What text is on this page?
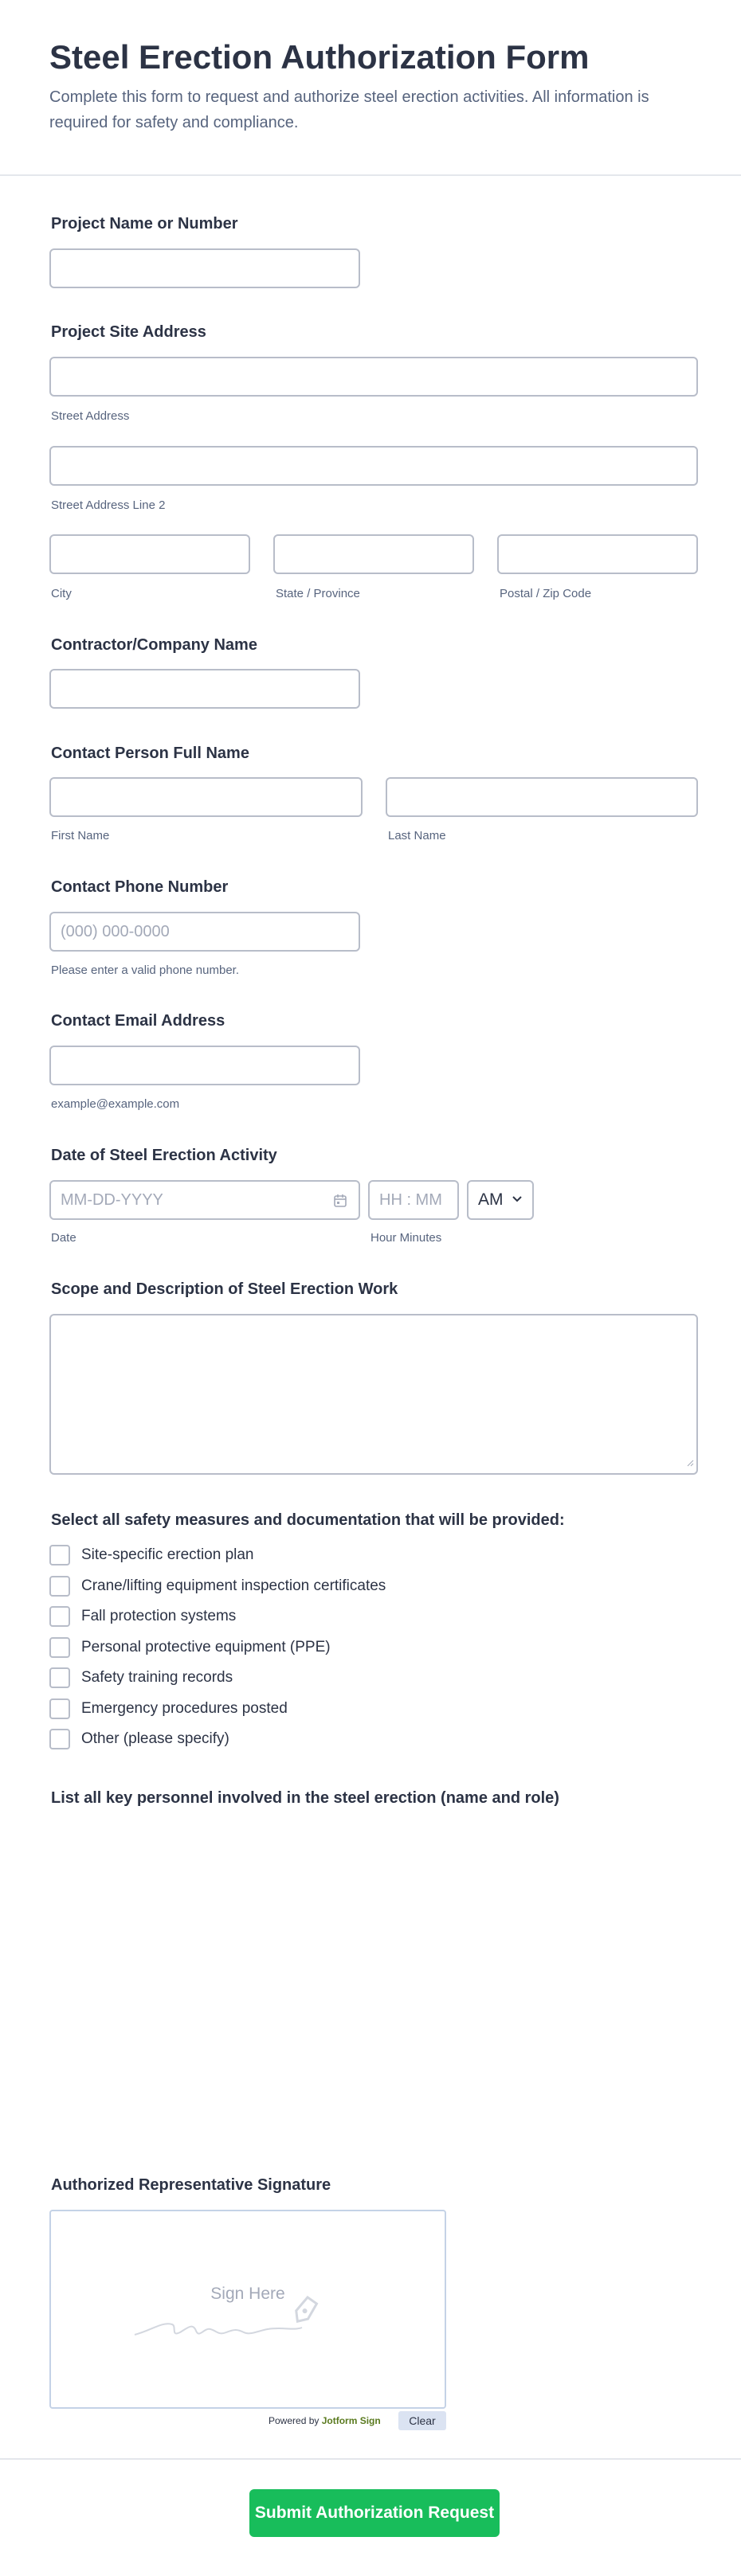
Steel Erection Authorization Form
Complete this form to request and authorize steel erection activities. All information is required for safety and compliance.
Project Name or Number
Project Site Address
Street Address
Street Address Line 2
City	State / Province	Postal / Zip Code
Contractor/Company Name
Contact Person Full Name
First Name	Last Name
Contact Phone Number
(000) 000-0000
Please enter a valid phone number.
Contact Email Address
example@example.com
Date of Steel Erection Activity
MM-DD-YYYY	HH : MM	AM
Date	Hour Minutes
Scope and Description of Steel Erection Work
Select all safety measures and documentation that will be provided:
Site-specific erection plan
Crane/lifting equipment inspection certificates
Fall protection systems
Personal protective equipment (PPE)
Safety training records
Emergency procedures posted
Other (please specify)
List all key personnel involved in the steel erection (name and role)
Authorized Representative Signature
Sign Here
Powered by Jotform Sign	Clear
Submit Authorization Request
